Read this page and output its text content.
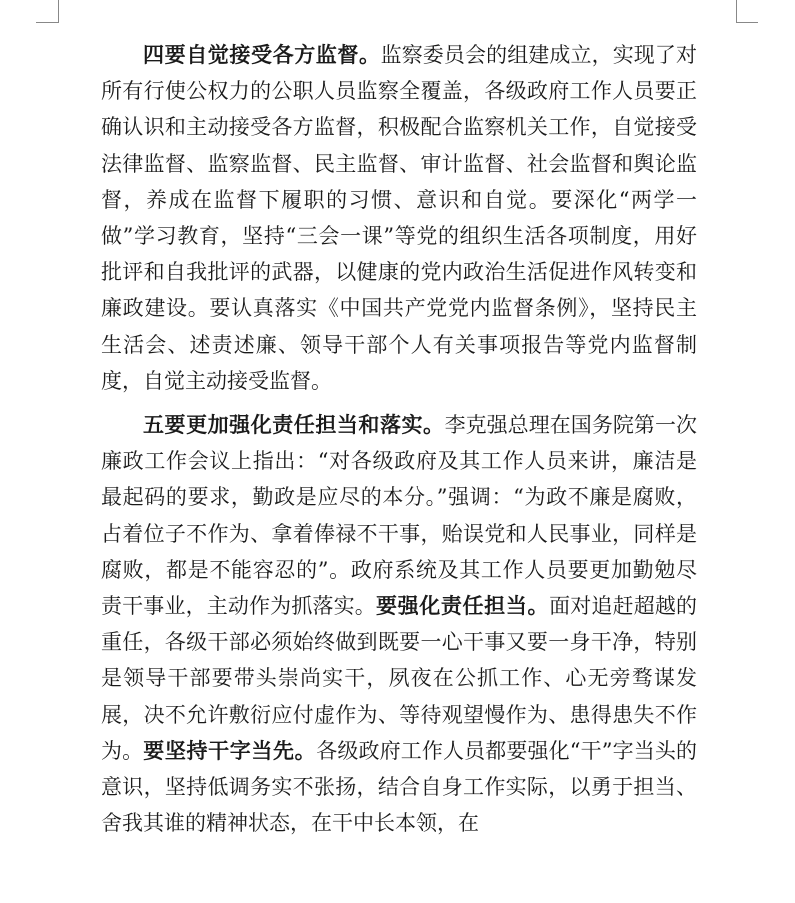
四要自觉接受各方监督。监察委员会的组建成立，实现了对所有行使公权力的公职人员监察全覆盖，各级政府工作人员要正确认识和主动接受各方监督，积极配合监察机关工作，自觉接受法律监督、监察监督、民主监督、审计监督、社会监督和舆论监督，养成在监督下履职的习惯、意识和自觉。要深化“两学一做”学习教育，坚持“三会一课”等党的组织生活各项制度，用好批评和自我批评的武器，以健康的党内政治生活促进作风转变和廉政建设。要认真落实《中国共产党党内监督条例》，坚持民主生活会、述责述廉、领导干部个人有关事项报告等党内监督制度，自觉主动接受监督。

五要更加强化责任担当和落实。李克强总理在国务院第一次廉政工作会议上指出：“对各级政府及其工作人员来讲，廉洁是最起码的要求，勤政是应尽的本分。”强调：“为政不廉是腐败，占着位子不作为、拿着俸禄不干事，贻误党和人民事业，同样是腐败，都是不能容忍的”。政府系统及其工作人员要更加勤勉尽责干事业，主动作为抓落实。要强化责任担当。面对追赶超越的重任，各级干部必须始终做到既要一心干事又要一身干净，特别是领导干部要带头崇尚实干，夙夜在公抓工作、心无旁骛谋发展，决不允许敷衍应付虚作为、等待观望慢作为、患得患失不作为。要坚持干字当先。各级政府工作人员都要强化“干”字当头的意识，坚持低调务实不张扬，结合自身工作实际，以勇于担当、舍我其谁的精神状态，在干中长本领，在
